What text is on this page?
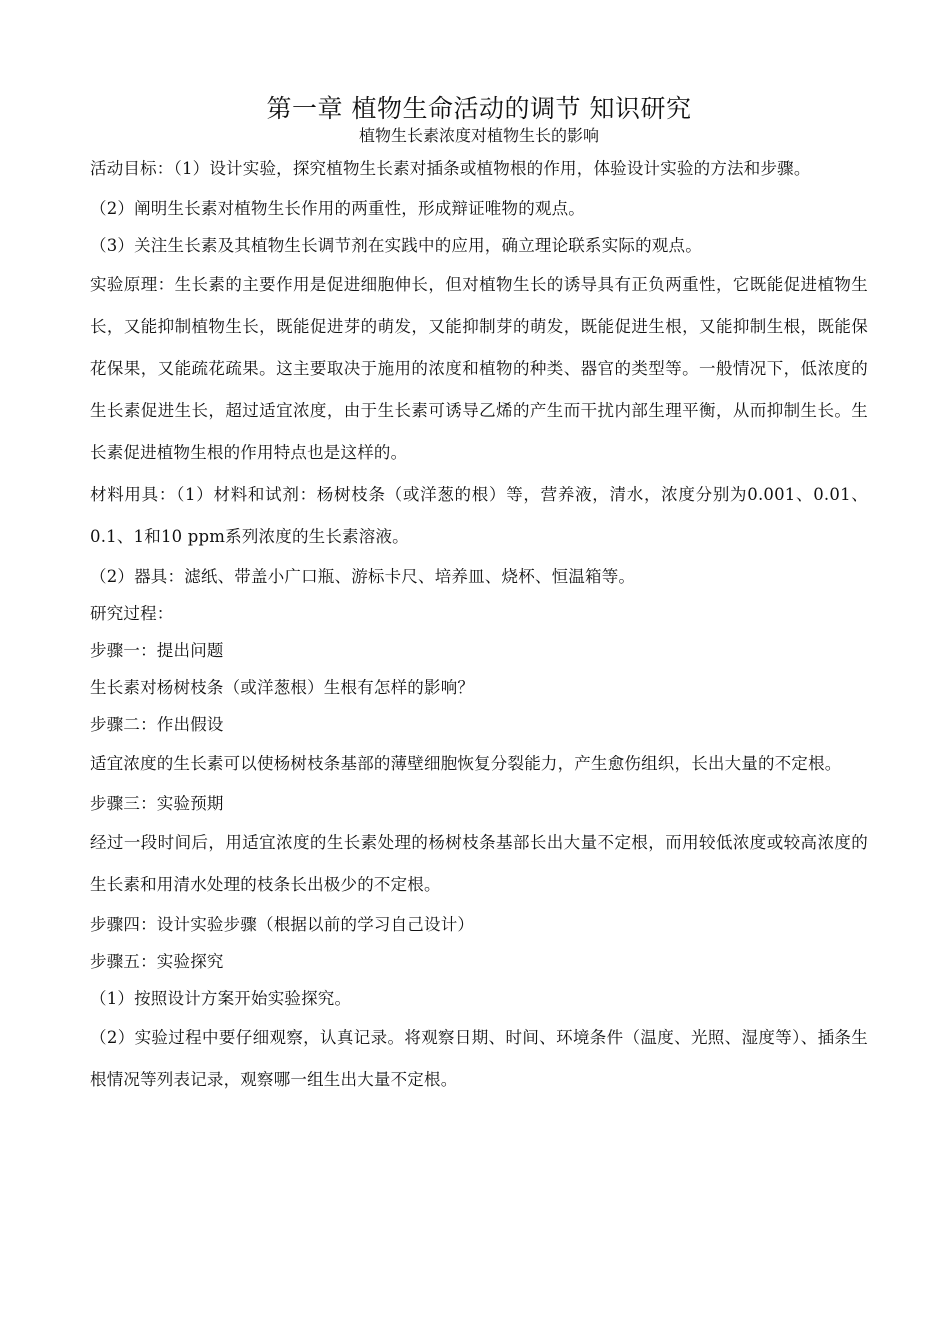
第一章 植物生命活动的调节 知识研究
植物生长素浓度对植物生长的影响

活动目标：（1）设计实验，探究植物生长素对插条或植物根的作用，体验设计实验的方法和步骤。

（2）阐明生长素对植物生长作用的两重性，形成辩证唯物的观点。

（3）关注生长素及其植物生长调节剂在实践中的应用，确立理论联系实际的观点。

实验原理：生长素的主要作用是促进细胞伸长，但对植物生长的诱导具有正负两重性，它既能促进植物生长，又能抑制植物生长，既能促进芽的萌发，又能抑制芽的萌发，既能促进生根，又能抑制生根，既能保花保果，又能疏花疏果。这主要取决于施用的浓度和植物的种类、器官的类型等。一般情况下，低浓度的生长素促进生长，超过适宜浓度，由于生长素可诱导乙烯的产生而干扰内部生理平衡，从而抑制生长。生长素促进植物生根的作用特点也是这样的。

材料用具：（1）材料和试剂：杨树枝条（或洋葱的根）等，营养液，清水，浓度分别为0.001、0.01、0.1、1和10 ppm系列浓度的生长素溶液。

（2）器具：滤纸、带盖小广口瓶、游标卡尺、培养皿、烧杯、恒温箱等。

研究过程：

步骤一：提出问题

生长素对杨树枝条（或洋葱根）生根有怎样的影响？

步骤二：作出假设

适宜浓度的生长素可以使杨树枝条基部的薄壁细胞恢复分裂能力，产生愈伤组织，长出大量的不定根。

步骤三：实验预期

经过一段时间后，用适宜浓度的生长素处理的杨树枝条基部长出大量不定根，而用较低浓度或较高浓度的生长素和用清水处理的枝条长出极少的不定根。

步骤四：设计实验步骤（根据以前的学习自己设计）

步骤五：实验探究

（1）按照设计方案开始实验探究。

（2）实验过程中要仔细观察，认真记录。将观察日期、时间、环境条件（温度、光照、湿度等）、插条生根情况等列表记录，观察哪一组生出大量不定根。
